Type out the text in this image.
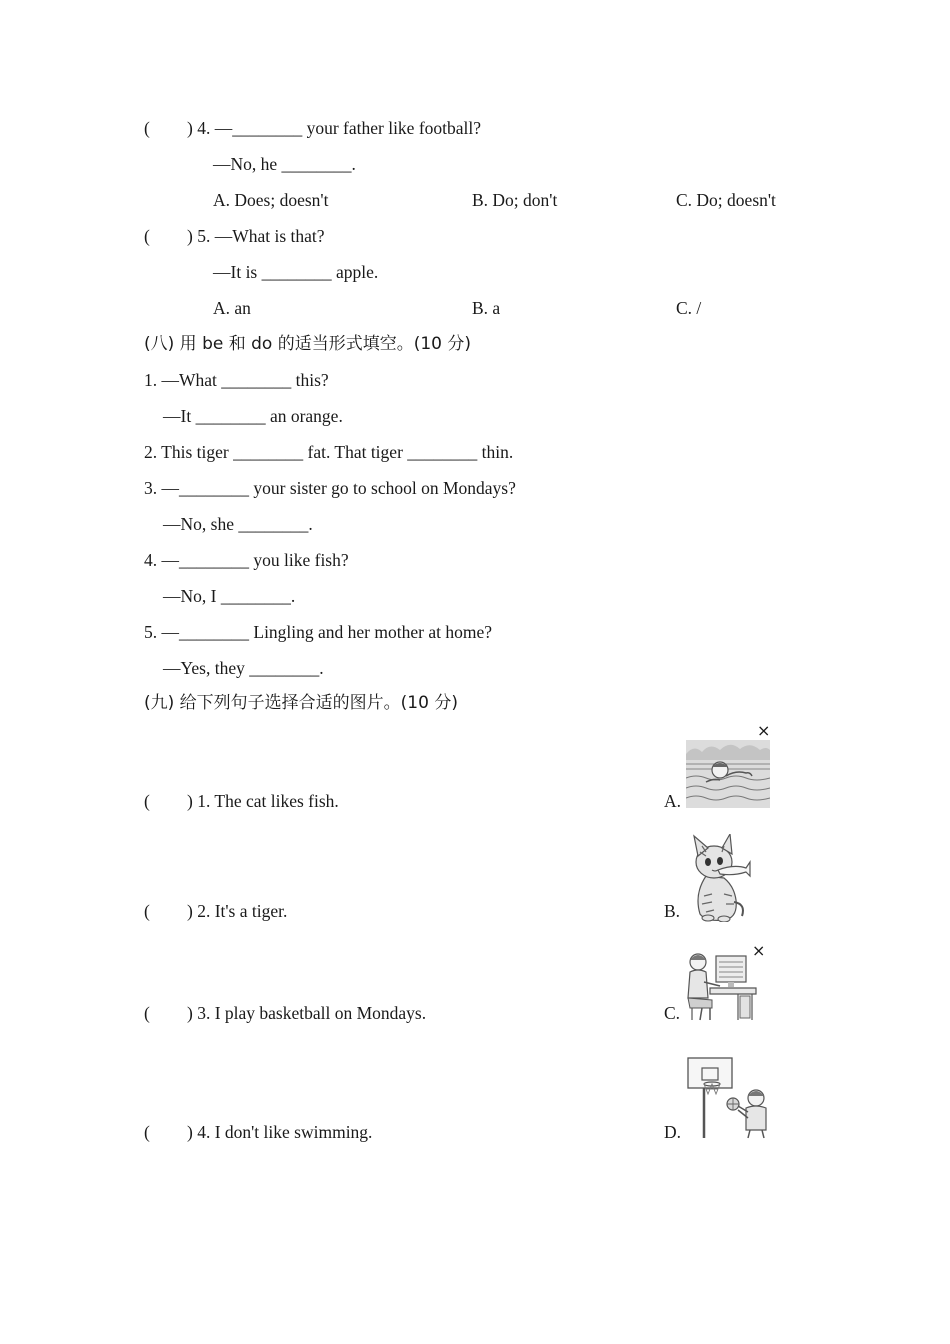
( ) 4. —________ your father like football?
—No, he ________.
A. Does; doesn't	B. Do; don't	C. Do; doesn't
( ) 5. —What is that?
—It is ________ apple.
A. an	B. a	C. /
(八) 用 be 和 do 的适当形式填空。(10 分)
1. —What ________ this?
—It ________ an orange.
2. This tiger ________ fat. That tiger ________ thin.
3. —________ your sister go to school on Mondays?
—No, she ________.
4. —________ you like fish?
—No, I ________.
5. —________ Lingling and her mother at home?
—Yes, they ________.
(九) 给下列句子选择合适的图片。(10 分)
( ) 1. The cat likes fish.	A.
( ) 2. It's a tiger.	B.
( ) 3. I play basketball on Mondays.	C.
( ) 4. I don't like swimming.	D.
×
×
